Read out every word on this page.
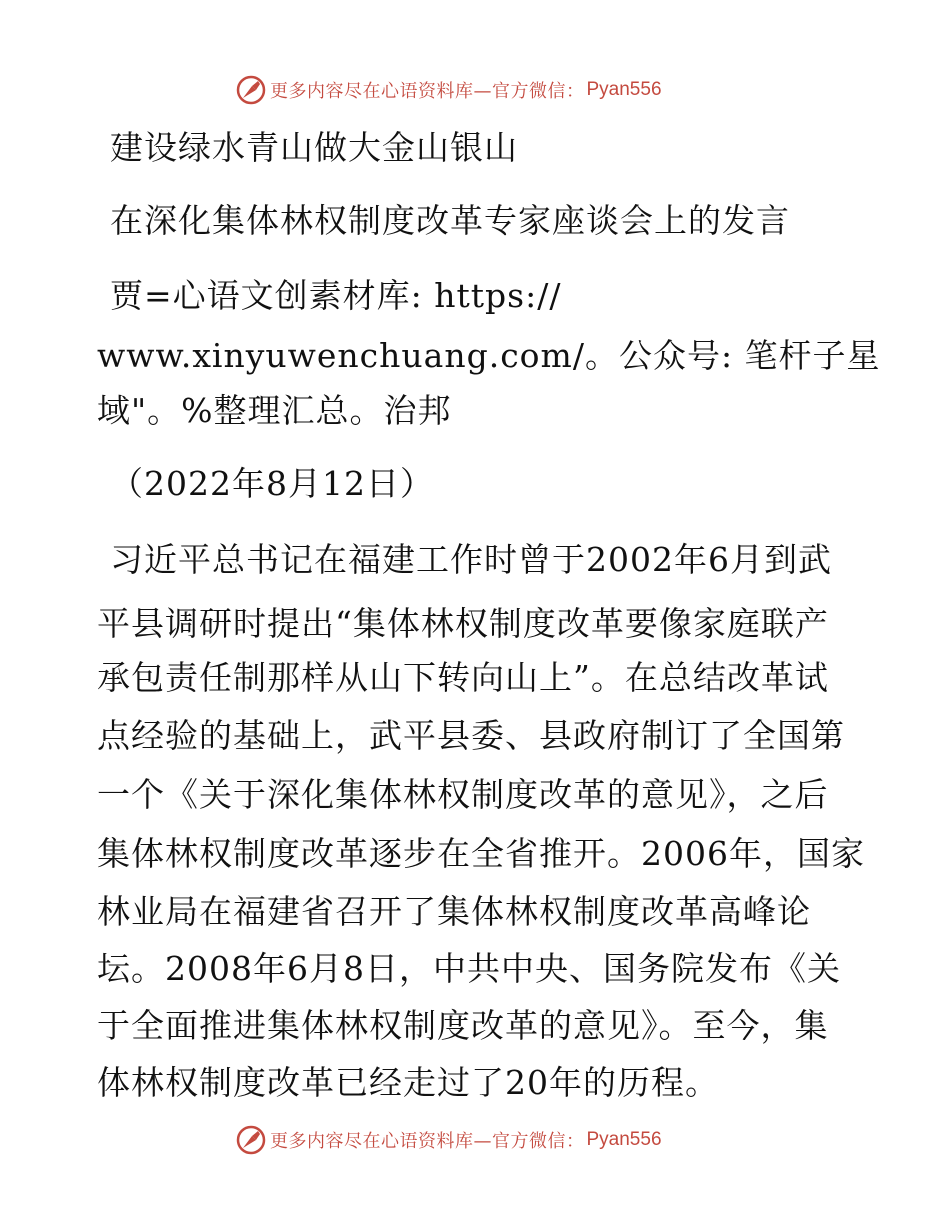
更多内容尽在心语资料库—官方微信： Pyan556
建设绿水青山做大金山银山
在深化集体林权制度改革专家座谈会上的发言
贾=心语文创素材库: https://
www.xinyuwenchuang.com/。公众号: 笔杆子星
域"。%整理汇总。治邦
（2022年8月12日）
习近平总书记在福建工作时曾于2002年6月到武
平县调研时提出“集体林权制度改革要像家庭联产
承包责任制那样从山下转向山上”。在总结改革试
点经验的基础上，武平县委、县政府制订了全国第
一个《关于深化集体林权制度改革的意见》，之后
集体林权制度改革逐步在全省推开。2006年，国家
林业局在福建省召开了集体林权制度改革高峰论
坛。2008年6月8日，中共中央、国务院发布《关
于全面推进集体林权制度改革的意见》。至今，集
体林权制度改革已经走过了20年的历程。
更多内容尽在心语资料库—官方微信： Pyan556
